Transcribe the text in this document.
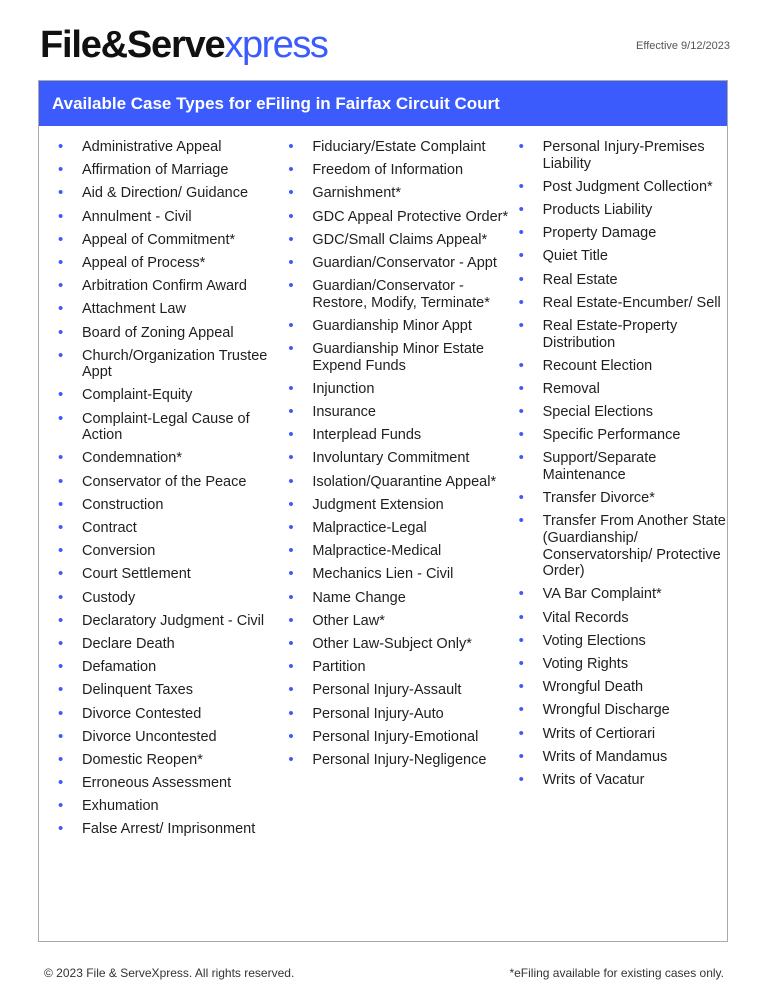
File&Servexpress	Effective 9/12/2023
Available Case Types for eFiling in Fairfax Circuit Court
• Administrative Appeal
• Affirmation of Marriage
• Aid & Direction/ Guidance
• Annulment - Civil
• Appeal of Commitment*
• Appeal of Process*
• Arbitration Confirm Award
• Attachment Law
• Board of Zoning Appeal
• Church/Organization Trustee Appt
• Complaint-Equity
• Complaint-Legal Cause of Action
• Condemnation*
• Conservator of the Peace
• Construction
• Contract
• Conversion
• Court Settlement
• Custody
• Declaratory Judgment - Civil
• Declare Death
• Defamation
• Delinquent Taxes
• Divorce Contested
• Divorce Uncontested
• Domestic Reopen*
• Erroneous Assessment
• Exhumation
• False Arrest/ Imprisonment
• Fiduciary/Estate Complaint
• Freedom of Information
• Garnishment*
• GDC Appeal Protective Order*
• GDC/Small Claims Appeal*
• Guardian/Conservator - Appt
• Guardian/Conservator - Restore, Modify, Terminate*
• Guardianship Minor Appt
• Guardianship Minor Estate Expend Funds
• Injunction
• Insurance
• Interplead Funds
• Involuntary Commitment
• Isolation/Quarantine Appeal*
• Judgment Extension
• Malpractice-Legal
• Malpractice-Medical
• Mechanics Lien - Civil
• Name Change
• Other Law*
• Other Law-Subject Only*
• Partition
• Personal Injury-Assault
• Personal Injury-Auto
• Personal Injury-Emotional
• Personal Injury-Negligence
• Personal Injury-Premises Liability
• Post Judgment Collection*
• Products Liability
• Property Damage
• Quiet Title
• Real Estate
• Real Estate-Encumber/ Sell
• Real Estate-Property Distribution
• Recount Election
• Removal
• Special Elections
• Specific Performance
• Support/Separate Maintenance
• Transfer Divorce*
• Transfer From Another State (Guardianship/ Conservatorship/ Protective Order)
• VA Bar Complaint*
• Vital Records
• Voting Elections
• Voting Rights
• Wrongful Death
• Wrongful Discharge
• Writs of Certiorari
• Writs of Mandamus
• Writs of Vacatur
© 2023 File & ServeXpress. All rights reserved.	*eFiling available for existing cases only.
